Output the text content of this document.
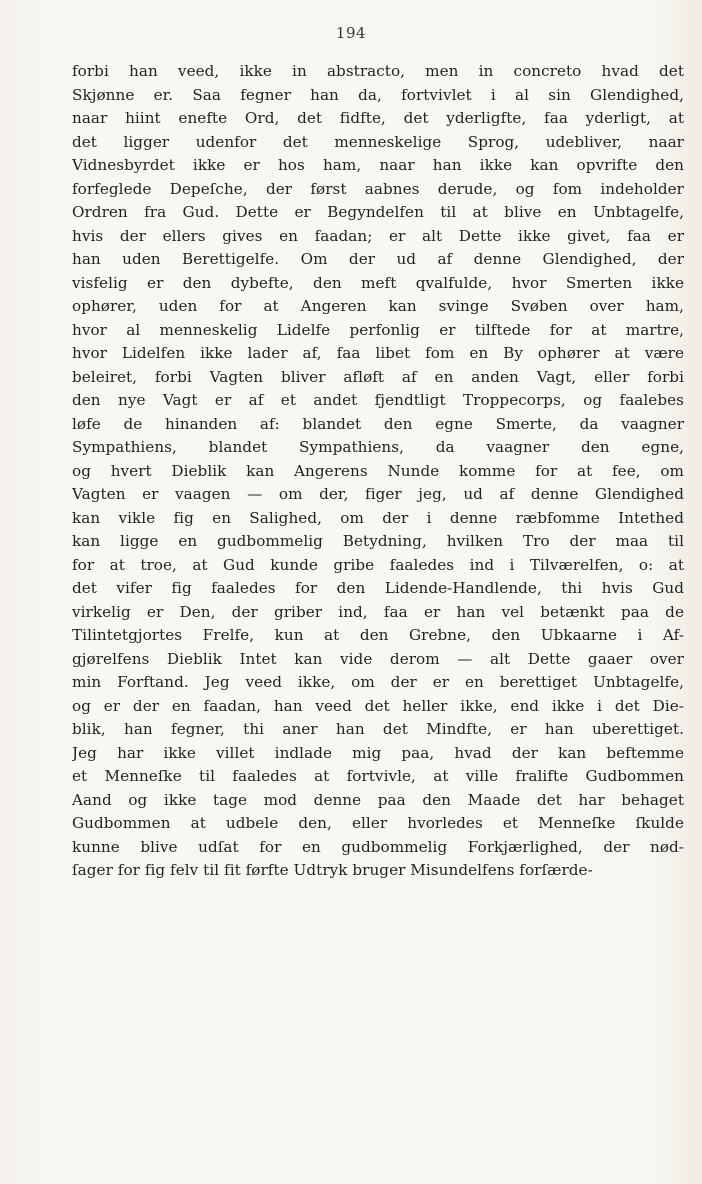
194
forbi han veed, ikke in abstracto, men in concreto hvad det
Skjønne er. Saa fegner han da, fortvivlet i al sin Glendighed,
naar hiint enefte Ord, det fidfte, det yderligfte, faa yderligt, at
det ligger udenfor det menneskelige Sprog, udebliver, naar
Vidnesbyrdet ikke er hos ham, naar han ikke kan opvrifte den
forfeglede Depeſche, der først aabnes derude, og fom indeholder
Ordren fra Gud. Dette er Begyndelfen til at blive en Unbtagelfe,
hvis der ellers gives en faadan; er alt Dette ikke givet, faa er
han uden Berettigelfe. Om der ud af denne Glendighed, der
visfelig er den dybefte, den meft qvalfulde, hvor Smerten ikke
ophører, uden for at Angeren kan svinge Svøben over ham,
hvor al menneskelig Lidelfe perfonlig er tilftede for at martre,
hvor Lidelfen ikke lader af, faa libet fom en By ophører at være
beleiret, forbi Vagten bliver afløft af en anden Vagt, eller forbi
den nye Vagt er af et andet fjendtligt Troppecorps, og faalebes
løfe de hinanden af: blandet den egne Smerte, da vaagner
Sympathiens, blandet Sympathiens, da vaagner den egne,
og hvert Dieblik kan Angerens Nunde komme for at fee, om
Vagten er vaagen — om der, figer jeg, ud af denne Glendighed
kan vikle fig en Salighed, om der i denne ræbfomme Intethed
kan ligge en gudbommelig Betydning, hvilken Tro der maa til
for at troe, at Gud kunde gribe faaledes ind i Tilværelfen, o: at
det vifer fig faaledes for den Lidende-Handlende, thi hvis Gud
virkelig er Den, der griber ind, faa er han vel betænkt paa de
Tilintetgjortes Frelfe, kun at den Grebne, den Ubkaarne i Af-
gjørelfens Dieblik Intet kan vide derom — alt Dette gaaer over
min Forftand. Jeg veed ikke, om der er en berettiget Unbtagelfe,
og er der en faadan, han veed det heller ikke, end ikke i det Die-
blik, han fegner, thi aner han det Mindfte, er han uberettiget.
Jeg har ikke villet indlade mig paa, hvad der kan beftemme
et Menneſke til faaledes at fortvivle, at ville fralifte Gudbommen
Aand og ikke tage mod denne paa den Maade det har behaget
Gudbommen at udbele den, eller hvorledes et Menneſke ſkulde
kunne blive udſat for en gudbommelig Forkjærlighed, der nød-
ſager for fig felv til fit førfte Udtryk bruger Misundelfens forſærde-
